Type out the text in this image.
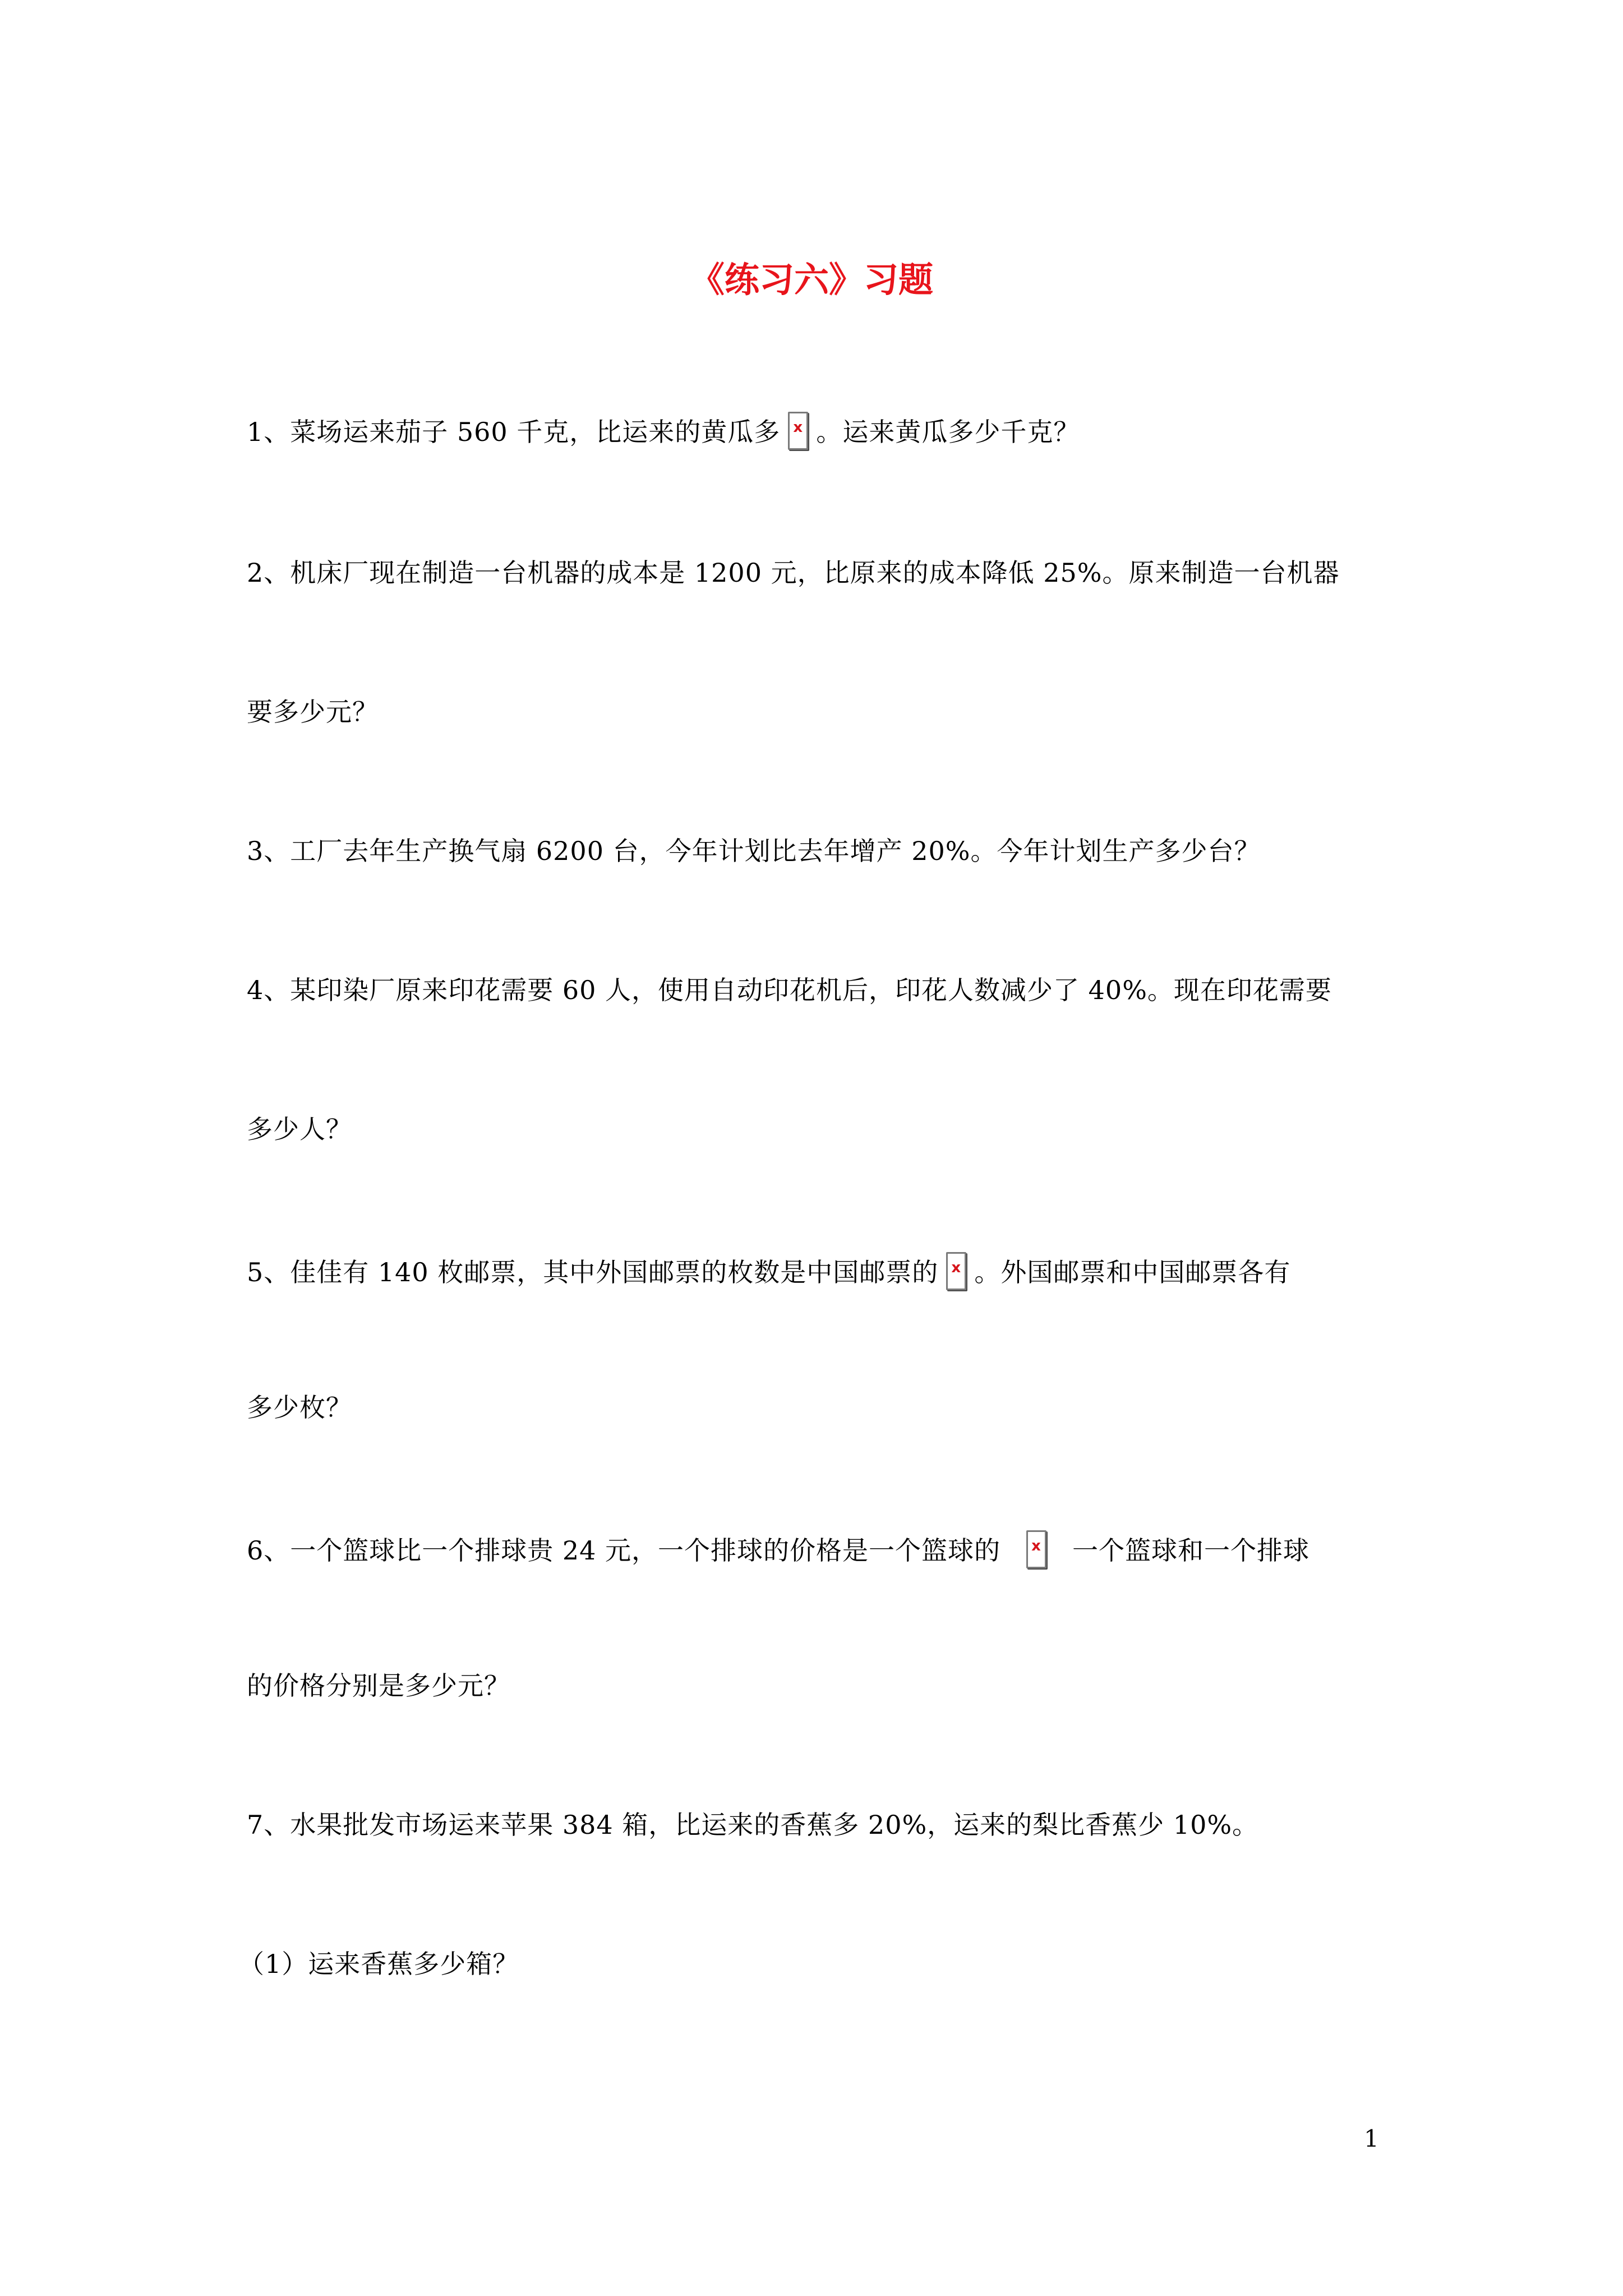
《练习六》习题
1、菜场运来茄子 560 千克，比运来的黄瓜多 x 。运来黄瓜多少千克？
2、机床厂现在制造一台机器的成本是 1200 元，比原来的成本降低 25%。原来制造一台机器
要多少元？
3、工厂去年生产换气扇 6200 台，今年计划比去年增产 20%。今年计划生产多少台？
4、某印染厂原来印花需要 60 人，使用自动印花机后，印花人数减少了 40%。现在印花需要
多少人？
5、佳佳有 140 枚邮票，其中外国邮票的枚数是中国邮票的 x 。外国邮票和中国邮票各有
多少枚？
6、一个篮球比一个排球贵 24 元，一个排球的价格是一个篮球的 x 一个篮球和一个排球
的价格分别是多少元？
7、水果批发市场运来苹果 384 箱，比运来的香蕉多 20%，运来的梨比香蕉少 10%。
（1）运来香蕉多少箱？
1
